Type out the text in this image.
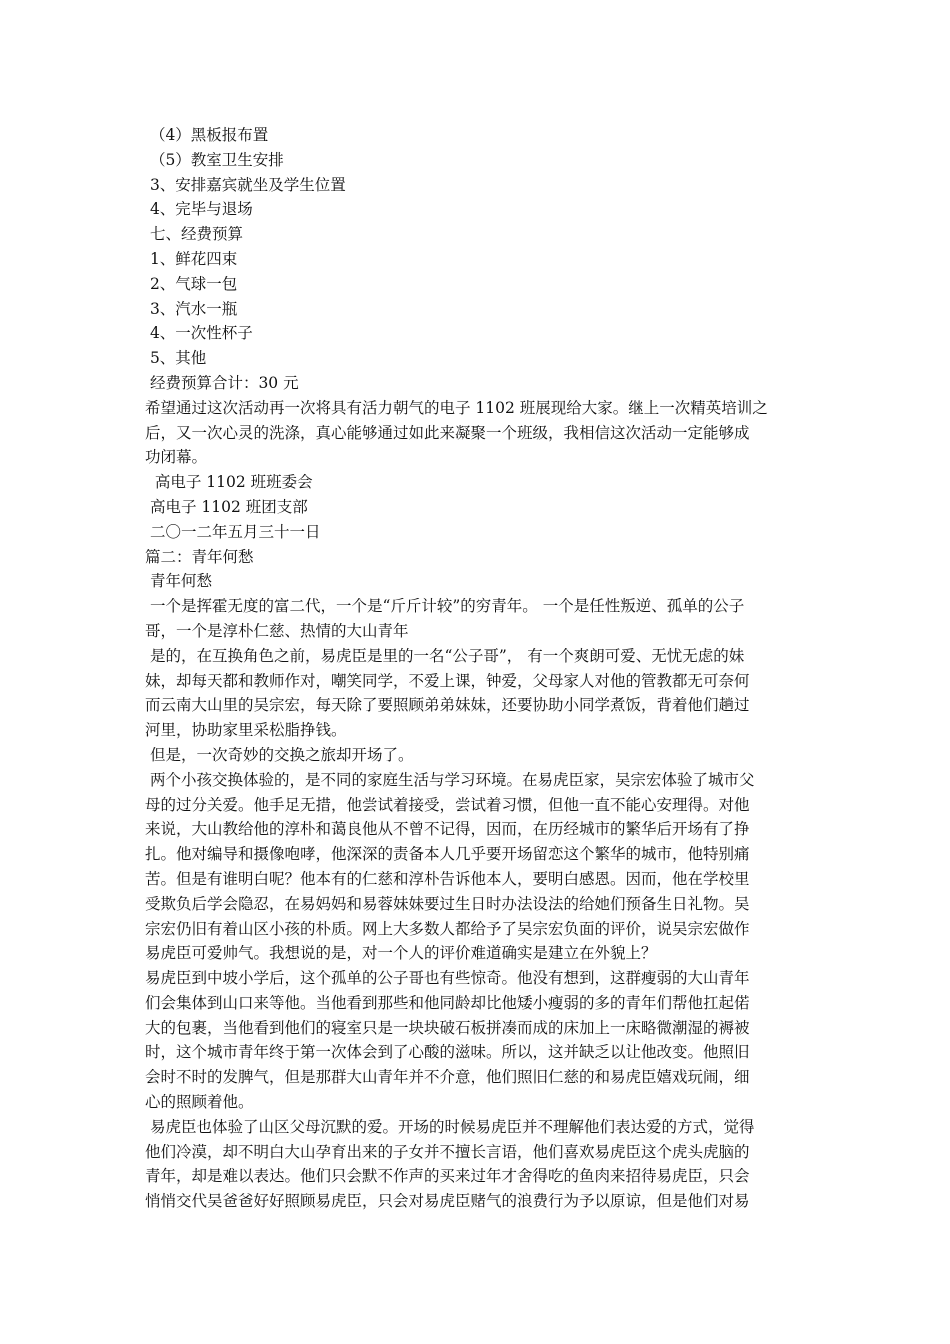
（4）黑板报布置

（5）教室卫生安排

3、安排嘉宾就坐及学生位置

4、完毕与退场

七、经费预算

1、鲜花四束

2、气球一包

3、汽水一瓶

4、一次性杯子

5、其他

经费预算合计：30 元

希望通过这次活动再一次将具有活力朝气的电子 1102 班展现给大家。继上一次精英培训之

后，又一次心灵的洗涤，真心能够通过如此来凝聚一个班级，我相信这次活动一定能够成

功闭幕。

高电子 1102 班班委会

高电子 1102 班团支部

二〇一二年五月三十一日

篇二：青年何愁

青年何愁

一个是挥霍无度的富二代，一个是“斤斤计较”的穷青年。 一个是任性叛逆、孤单的公子

哥，一个是淳朴仁慈、热情的大山青年

是的，在互换角色之前，易虎臣是里的一名“公子哥”， 有一个爽朗可爱、无忧无虑的妹

妹，却每天都和教师作对，嘲笑同学，不爱上课，钟爱，父母家人对他的管教都无可奈何

而云南大山里的吴宗宏，每天除了要照顾弟弟妹妹，还要协助小同学煮饭，背着他们趟过

河里，协助家里采松脂挣钱。

但是，一次奇妙的交换之旅却开场了。

两个小孩交换体验的，是不同的家庭生活与学习环境。在易虎臣家，吴宗宏体验了城市父

母的过分关爱。他手足无措，他尝试着接受，尝试着习惯，但他一直不能心安理得。对他

来说，大山教给他的淳朴和蔼良他从不曾不记得，因而，在历经城市的繁华后开场有了挣

扎。他对编导和摄像咆哮，他深深的责备本人几乎要开场留恋这个繁华的城市，他特别痛

苦。但是有谁明白呢？他本有的仁慈和淳朴告诉他本人，要明白感恩。因而，他在学校里

受欺负后学会隐忍，在易妈妈和易蓉妹妹要过生日时办法设法的给她们预备生日礼物。吴

宗宏仍旧有着山区小孩的朴质。网上大多数人都给予了吴宗宏负面的评价，说吴宗宏做作

易虎臣可爱帅气。我想说的是，对一个人的评价难道确实是建立在外貌上？

易虎臣到中坡小学后，这个孤单的公子哥也有些惊奇。他没有想到，这群瘦弱的大山青年

们会集体到山口来等他。当他看到那些和他同龄却比他矮小瘦弱的多的青年们帮他扛起偌

大的包裹，当他看到他们的寝室只是一块块破石板拼凑而成的床加上一床略微潮湿的褥被

时，这个城市青年终于第一次体会到了心酸的滋味。所以，这并缺乏以让他改变。他照旧

会时不时的发脾气，但是那群大山青年并不介意，他们照旧仁慈的和易虎臣嬉戏玩闹，细

心的照顾着他。

易虎臣也体验了山区父母沉默的爱。开场的时候易虎臣并不理解他们表达爱的方式，觉得

他们冷漠，却不明白大山孕育出来的子女并不擅长言语，他们喜欢易虎臣这个虎头虎脑的

青年，却是难以表达。他们只会默不作声的买来过年才舍得吃的鱼肉来招待易虎臣，只会

悄悄交代吴爸爸好好照顾易虎臣，只会对易虎臣赌气的浪费行为予以原谅，但是他们对易
